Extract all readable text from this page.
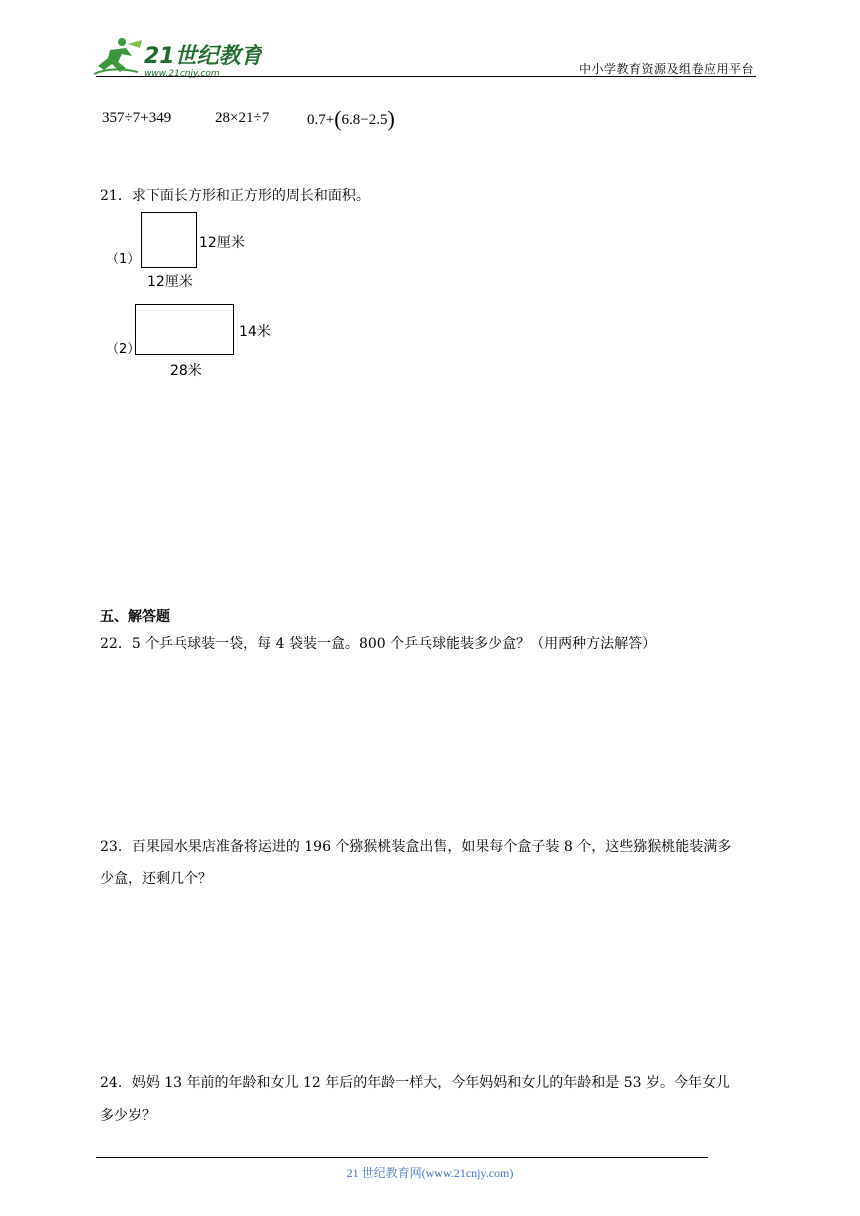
21世纪教育
www.21cnjy.com	中小学教育资源及组卷应用平台
357÷7+349	28×21÷7	0.7+(6.8−2.5)
21．求下面长方形和正方形的周长和面积。
（1）
12厘米
12厘米
（2）
14米
28米
五、解答题
22．5 个乒乓球装一袋，每 4 袋装一盒。800 个乒乓球能装多少盒？（用两种方法解答）
23．百果园水果店准备将运进的 196 个猕猴桃装盒出售，如果每个盒子装 8 个，这些猕猴桃能装满多
少盒，还剩几个？
24．妈妈 13 年前的年龄和女儿 12 年后的年龄一样大，今年妈妈和女儿的年龄和是 53 岁。今年女儿
多少岁？
21 世纪教育网(www.21cnjy.com)
